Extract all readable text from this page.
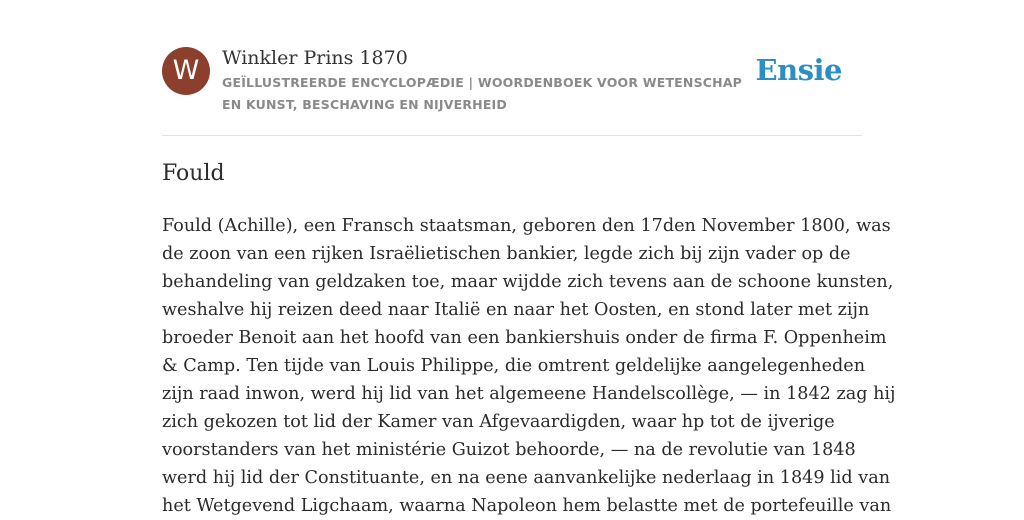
W	Winkler Prins 1870
GEÏLLUSTREERDE ENCYCLOPÆDIE | WOORDENBOEK VOOR WETENSCHAP EN KUNST, BESCHAVING EN NIJVERHEID
Ensie
Fould

Fould (Achille), een Fransch staatsman, geboren den 17den November 1800, was
de zoon van een rijken Israëlietischen bankier, legde zich bij zijn vader op de
behandeling van geldzaken toe, maar wijdde zich tevens aan de schoone kunsten,
weshalve hij reizen deed naar Italië en naar het Oosten, en stond later met zijn
broeder Benoit aan het hoofd van een bankiershuis onder de firma F. Oppenheim
& Camp. Ten tijde van Louis Philippe, die omtrent geldelijke aangelegenheden
zijn raad inwon, werd hij lid van het algemeene Handelscollège, — in 1842 zag hij
zich gekozen tot lid der Kamer van Afgevaardigden, waar hp tot de ijverige
voorstanders van het ministérie Guizot behoorde, — na de revolutie van 1848
werd hij lid der Constituante, en na eene aanvankelijke nederlaag in 1849 lid van
het Wetgevend Ligchaam, waarna Napoleon hem belastte met de portefeuille van
